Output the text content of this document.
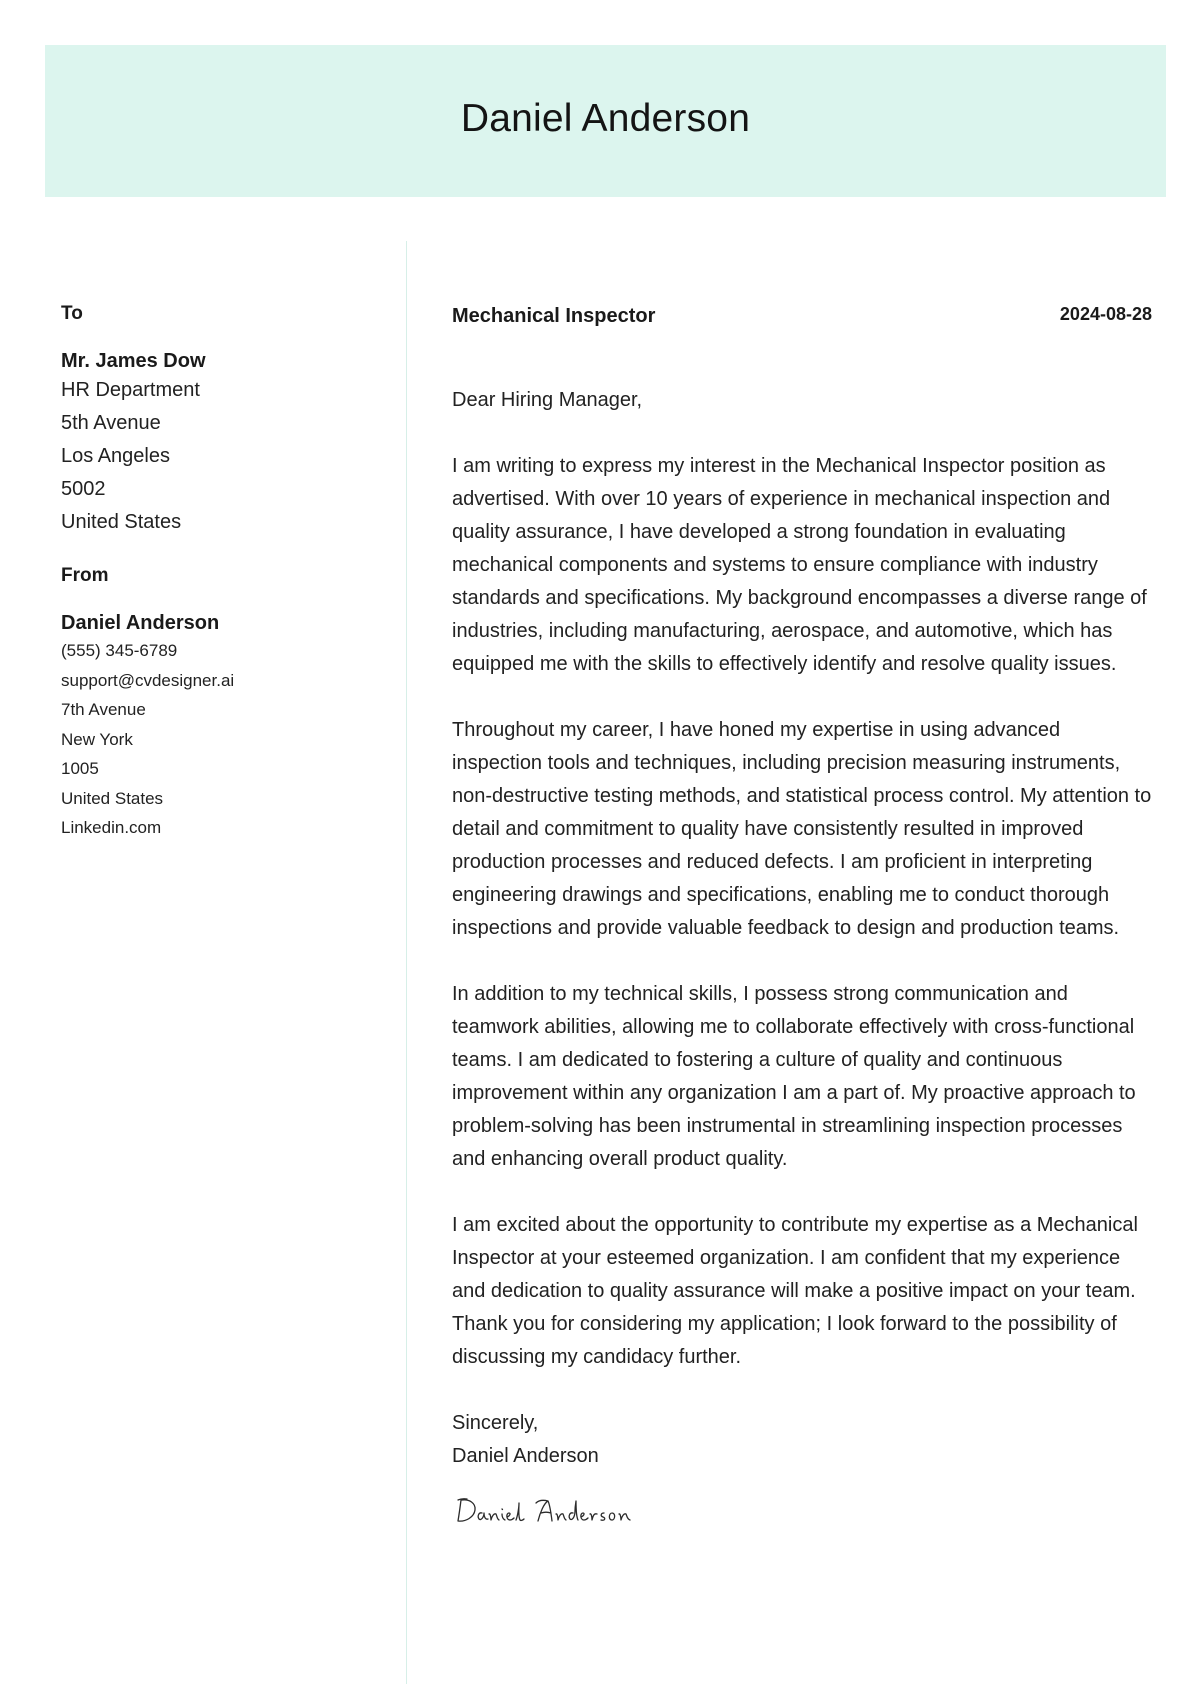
Daniel Anderson
To
Mr. James Dow
HR Department
5th Avenue
Los Angeles
5002
United States
From
Daniel Anderson
(555) 345-6789
support@cvdesigner.ai
7th Avenue
New York
1005
United States
Linkedin.com
Mechanical Inspector	2024-08-28
Dear Hiring Manager,
I am writing to express my interest in the Mechanical Inspector position as advertised. With over 10 years of experience in mechanical inspection and quality assurance, I have developed a strong foundation in evaluating mechanical components and systems to ensure compliance with industry standards and specifications. My background encompasses a diverse range of industries, including manufacturing, aerospace, and automotive, which has equipped me with the skills to effectively identify and resolve quality issues.
Throughout my career, I have honed my expertise in using advanced inspection tools and techniques, including precision measuring instruments, non-destructive testing methods, and statistical process control. My attention to detail and commitment to quality have consistently resulted in improved production processes and reduced defects. I am proficient in interpreting engineering drawings and specifications, enabling me to conduct thorough inspections and provide valuable feedback to design and production teams.
In addition to my technical skills, I possess strong communication and teamwork abilities, allowing me to collaborate effectively with cross-functional teams. I am dedicated to fostering a culture of quality and continuous improvement within any organization I am a part of. My proactive approach to problem-solving has been instrumental in streamlining inspection processes and enhancing overall product quality.
I am excited about the opportunity to contribute my expertise as a Mechanical Inspector at your esteemed organization. I am confident that my experience and dedication to quality assurance will make a positive impact on your team. Thank you for considering my application; I look forward to the possibility of discussing my candidacy further.
Sincerely,
Daniel Anderson
